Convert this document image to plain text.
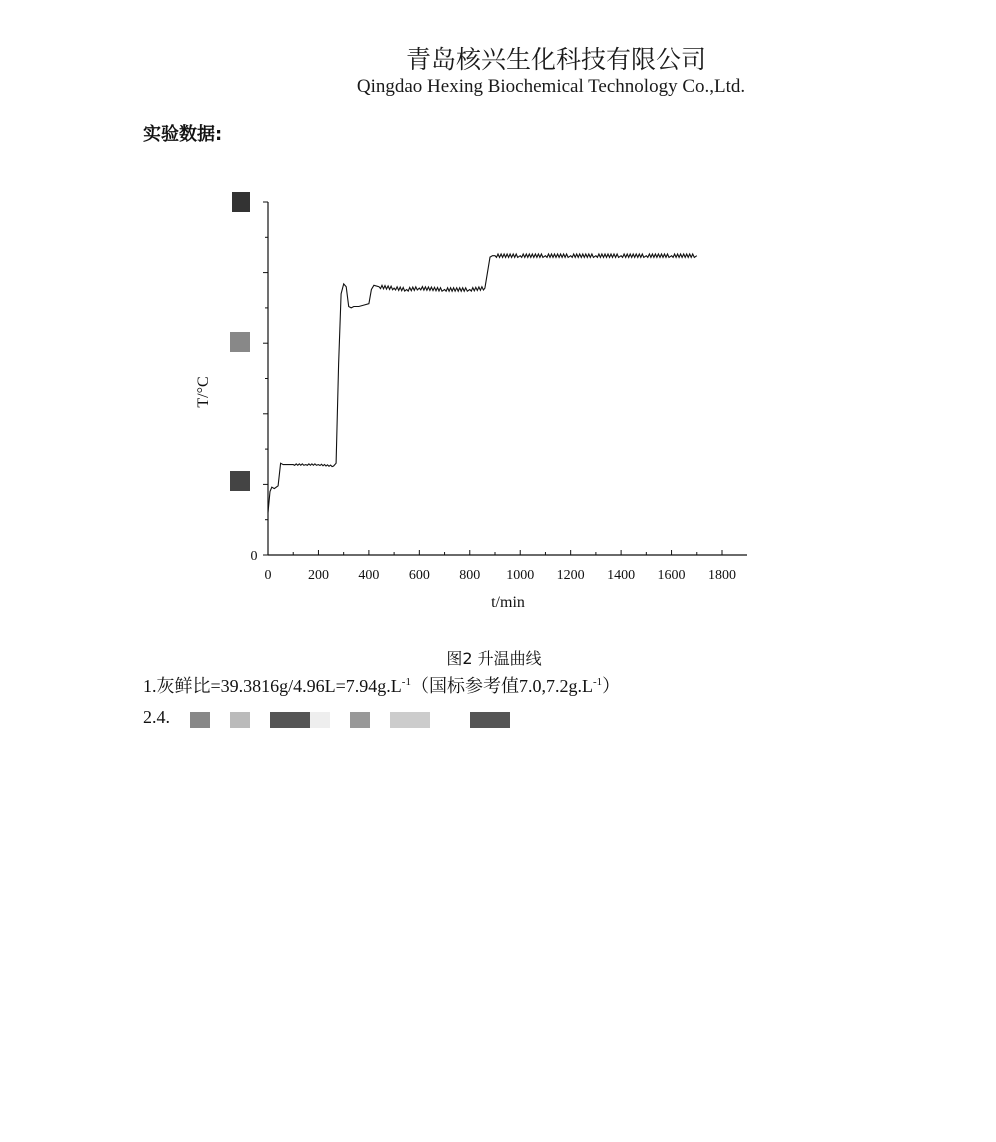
青岛核兴生化科技有限公司
Qingdao Hexing Biochemical Technology Co.,Ltd.
实验数据:
0	200 400 600 800 1000 1200 1400 1600 1800
0
t/min
T/°C
图2 升温曲线
1.灰鲜比$=39.3816g/4.96L=7.94g.L^{-1}$（国标参考值$7.0,7.2g.L^{-1}$）
2.4.
